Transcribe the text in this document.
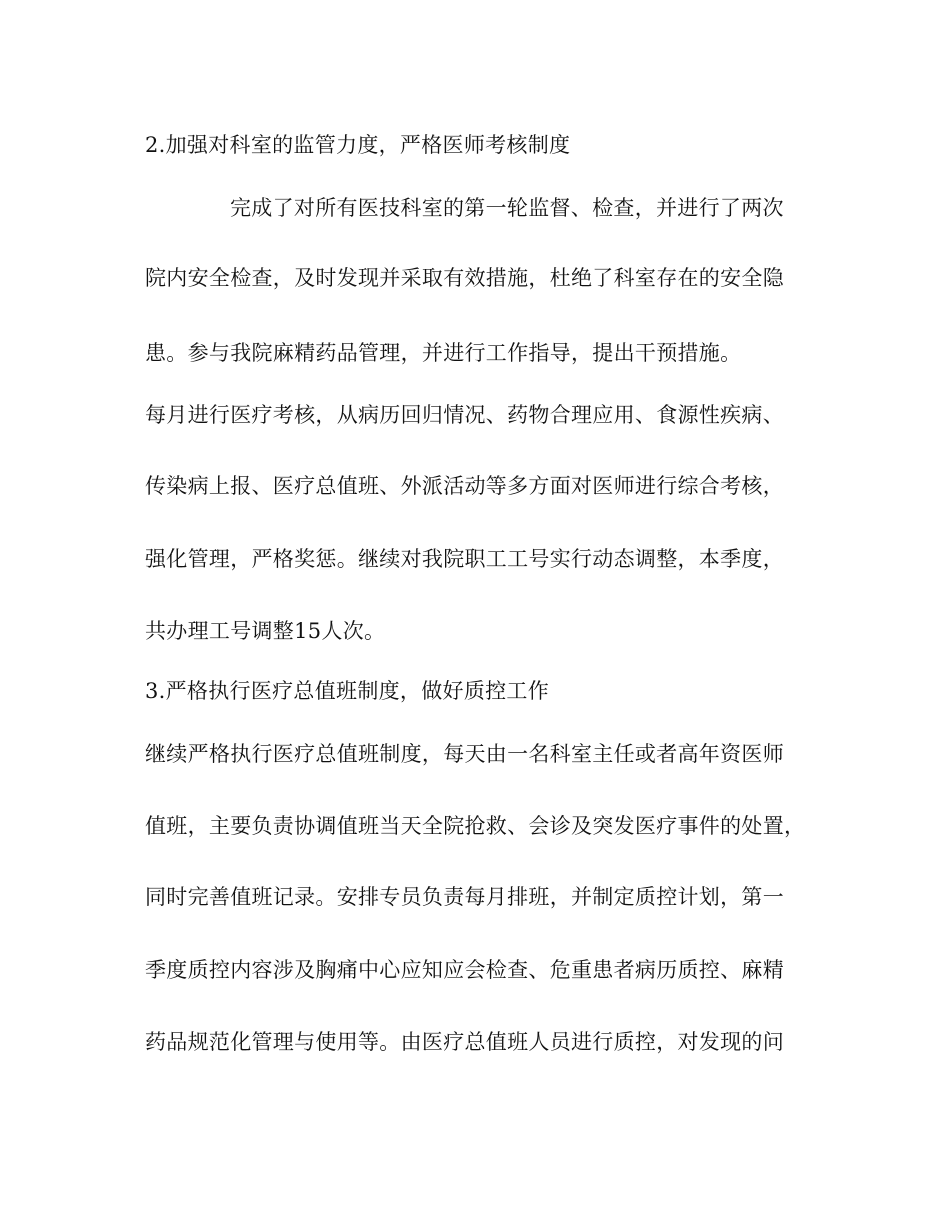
2.加强对科室的监管力度，严格医师考核制度
完成了对所有医技科室的第一轮监督、检查，并进行了两次
院内安全检查，及时发现并采取有效措施，杜绝了科室存在的安全隐
患。参与我院麻精药品管理，并进行工作指导，提出干预措施。
每月进行医疗考核，从病历回归情况、药物合理应用、食源性疾病、
传染病上报、医疗总值班、外派活动等多方面对医师进行综合考核，
强化管理，严格奖惩。继续对我院职工工号实行动态调整，本季度，
共办理工号调整15人次。
3.严格执行医疗总值班制度，做好质控工作
继续严格执行医疗总值班制度，每天由一名科室主任或者高年资医师
值班，主要负责协调值班当天全院抢救、会诊及突发医疗事件的处置，
同时完善值班记录。安排专员负责每月排班，并制定质控计划，第一
季度质控内容涉及胸痛中心应知应会检查、危重患者病历质控、麻精
药品规范化管理与使用等。由医疗总值班人员进行质控，对发现的问
